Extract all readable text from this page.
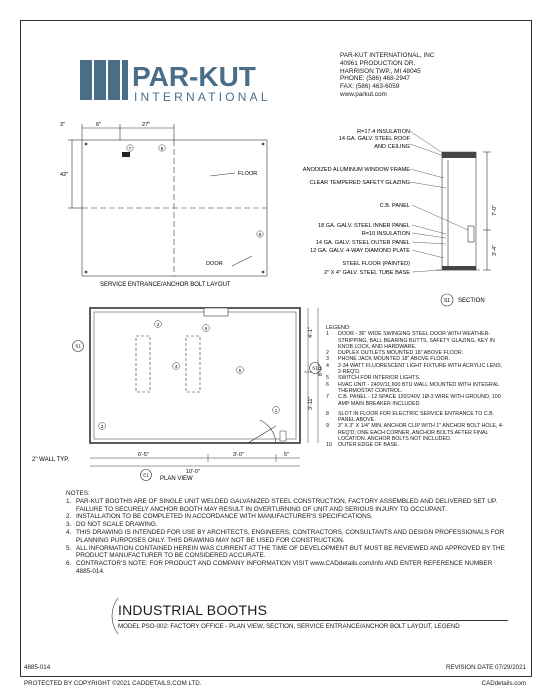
PAR-KUT
INTERNATIONAL
PAR-KUT INTERNATIONAL, INC
40961 PRODUCTION DR.
HARRISON TWP., MI 48045
PHONE: (586) 468-2947
FAX: (586) 463-6059
www.parkut.com
3"	6"	27"
42"	FLOOR
DOOR
7	8
9
SERVICE ENTRANCE/ANCHOR BOLT LAYOUT
R=17.4 INSULATION
14 GA. GALV. STEEL ROOF
AND CEILING
ANODIZED ALUMINUM WINDOW FRAME
CLEAR TEMPERED SAFETY GLAZING
C.B. PANEL
18 GA. GALV. STEEL INNER PANEL
R=10 INSULATION
14 GA. GALV. STEEL OUTER PANEL
12 GA. GALV. 4-WAY DIAMOND PLATE
STEEL FLOOR (PAINTED)
2" X 4" GALV. STEEL TUBE BASE
7'-0"
3'-4"
S1 SECTION
4'-1"
8'-0"
3'-11"
6'-5"	3'-0"	5"
10'-0"
2" WALL TYP.
S1
S1
E1
1
2
3
4
5
6
PLAN VIEW
LEGEND:
1	DOOR - 36" WIDE SWINGING STEEL DOOR WITH WEATHER-STRIPPING, BALL BEARING BUTTS, SAFETY GLAZING, KEY IN KNOB LOCK, AND HARDWARE.
2	DUPLEX OUTLETS MOUNTED 18" ABOVE FLOOR.
3	PHONE JACK MOUNTED 18" ABOVE FLOOR.
4	2-34 WATT FLUORESCENT LIGHT FIXTURE WITH ACRYLIC LENS, 2-REQ'D.
5	SWITCH FOR INTERIOR LIGHTS.
6	HVAC UNIT - 240V/11,600 BTU WALL MOUNTED WITH INTEGRAL THERMOSTAT CONTROL.
7	C.B. PANEL - 12 SPACE 120/240V 1Ø-3 WIRE WITH GROUND, 100 AMP MAIN BREAKER INCLUDED.
8	SLOT IN FLOOR FOR ELECTRIC SERVICE ENTRANCE TO C.B. PANEL ABOVE.
9	3" X 3" X 1/4" MIN. ANCHOR CLIP WITH 1" ANCHOR BOLT HOLE, 4-REQ'D, ONE EACH CORNER, ANCHOR BOLTS AFTER FINAL LOCATION. ANCHOR BOLTS NOT INCLUDED.
10	OUTER EDGE OF BASE.
NOTES:
1. PAR-KUT BOOTHS ARE OF SINGLE UNIT WELDED GALVANIZED STEEL CONSTRUCTION, FACTORY ASSEMBLED AND DELIVERED SET UP. FAILURE TO SECURELY ANCHOR BOOTH MAY RESULT IN OVERTURNING OF UNIT AND SERIOUS INJURY TO OCCUPANT.
2. INSTALLATION TO BE COMPLETED IN ACCORDANCE WITH MANUFACTURER'S SPECIFICATIONS.
3. DO NOT SCALE DRAWING.
4. THIS DRAWING IS INTENDED FOR USE BY ARCHITECTS, ENGINEERS, CONTRACTORS, CONSULTANTS AND DESIGN PROFESSIONALS FOR PLANNING PURPOSES ONLY. THIS DRAWING MAY NOT BE USED FOR CONSTRUCTION.
5. ALL INFORMATION CONTAINED HEREIN WAS CURRENT AT THE TIME OF DEVELOPMENT BUT MUST BE REVIEWED AND APPROVED BY THE PRODUCT MANUFACTURER TO BE CONSIDERED ACCURATE.
6. CONTRACTOR'S NOTE: FOR PRODUCT AND COMPANY INFORMATION VISIT www.CADdetails.com/info AND ENTER REFERENCE NUMBER 4885-014.
INDUSTRIAL BOOTHS
MODEL PSO-002: FACTORY OFFICE - PLAN VIEW, SECTION, SERVICE ENTRANCE/ANCHOR BOLT LAYOUT, LEGEND
4885-014	REVISION DATE 07/29/2021
PROTECTED BY COPYRIGHT ©2021 CADDETAILS.COM LTD.	CADdetails.com
